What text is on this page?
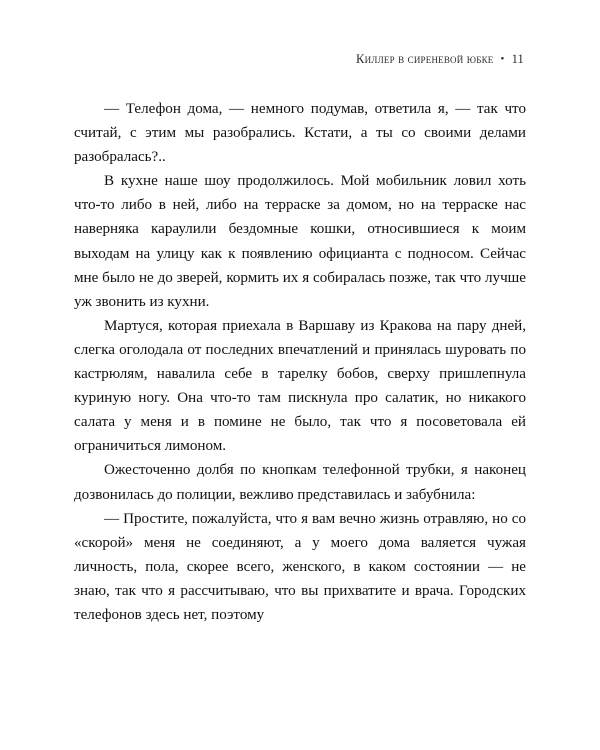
Киллер в сиреневой юбке • 11

— Телефон дома, — немного подумав, ответила я, — так что считай, с этим мы разобрались. Кстати, а ты со своими делами разобралась?..

В кухне наше шоу продолжилось. Мой мобильник ловил хоть что-то либо в ней, либо на терраске за домом, но на терраске нас наверняка караулили бездомные кошки, относившиеся к моим выходам на улицу как к появлению официанта с подносом. Сейчас мне было не до зверей, кормить их я собиралась позже, так что лучше уж звонить из кухни.

Мартуся, которая приехала в Варшаву из Кракова на пару дней, слегка оголодала от последних впечатлений и принялась шуровать по кастрюлям, навалила себе в тарелку бобов, сверху пришлепнула куриную ногу. Она что-то там пискнула про салатик, но никакого салата у меня и в помине не было, так что я посоветовала ей ограничиться лимоном.

Ожесточенно долбя по кнопкам телефонной трубки, я наконец дозвонилась до полиции, вежливо представилась и забубнила:

— Простите, пожалуйста, что я вам вечно жизнь отравляю, но со «скорой» меня не соединяют, а у моего дома валяется чужая личность, пола, скорее всего, женского, в каком состоянии — не знаю, так что я рассчитываю, что вы прихватите и врача. Городских телефонов здесь нет, поэтому
